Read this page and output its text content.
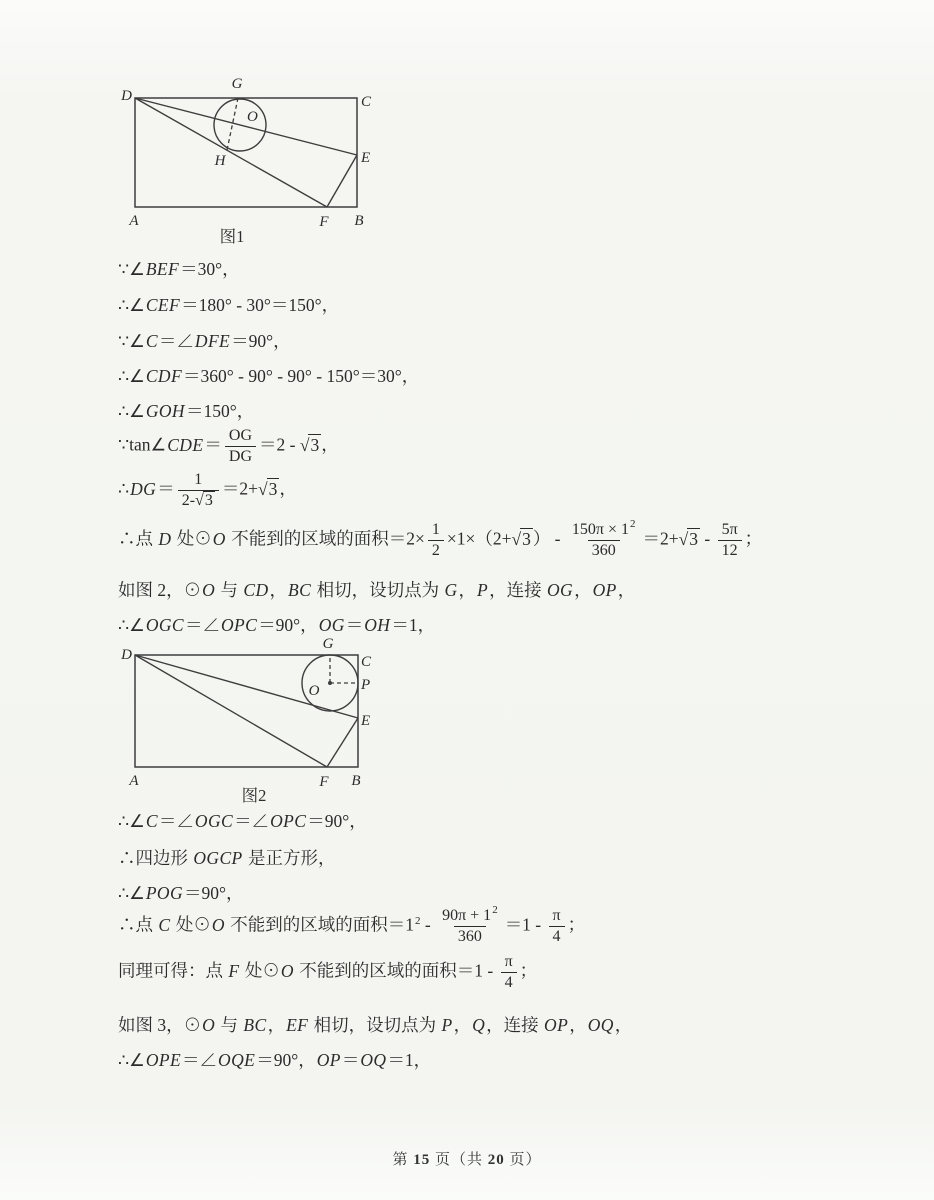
D
G
C
O
H	E
A	F B
图1
D
G
C
O	P
E
A	F B
图2
∵∠BEF＝30°，
∴∠CEF＝180° - 30°＝150°，
∵∠C＝∠DFE＝90°，
∴∠CDF＝360° - 90° - 90° - 150°＝30°，
∴∠GOH＝150°，
∵tan∠CDE＝ $\frac{OG}{DG} =2 - √3$ ，
∴DG＝ $\frac{1}{2-√3} =2+√3$ ，
∴点 D 处⊙O 不能到的区域的面积$=2\times \frac{1}{2} \times 1\times(2+√3$ ） - $\frac{150\pi \times 1^2}{360} =2+√3 - \frac{5\pi}{12}$ ；
如图 2，⊙O 与 CD，BC 相切，设切点为 G，P，连接 OG，OP，
∴∠OGC＝∠OPC＝90°，OG＝OH＝1，
∴∠C＝∠OGC＝∠OPC＝90°，
∴四边形 OGCP 是正方形，
∴∠POG＝90°，
∴点 C 处⊙O 不能到的区域的面积$=1^2 - \frac{90\pi + 1^2}{360} =1 - \frac{\pi}{4}$ ；
同理可得：点 F 处⊙O 不能到的区域的面积$=1 - \frac{\pi}{4}$ ；
如图 3，⊙O 与 BC，EF 相切，设切点为 P，Q，连接 OP，OQ，
∴∠OPE＝∠OQE＝90°，OP＝OQ＝1，
第 15 页（共 20 页）
